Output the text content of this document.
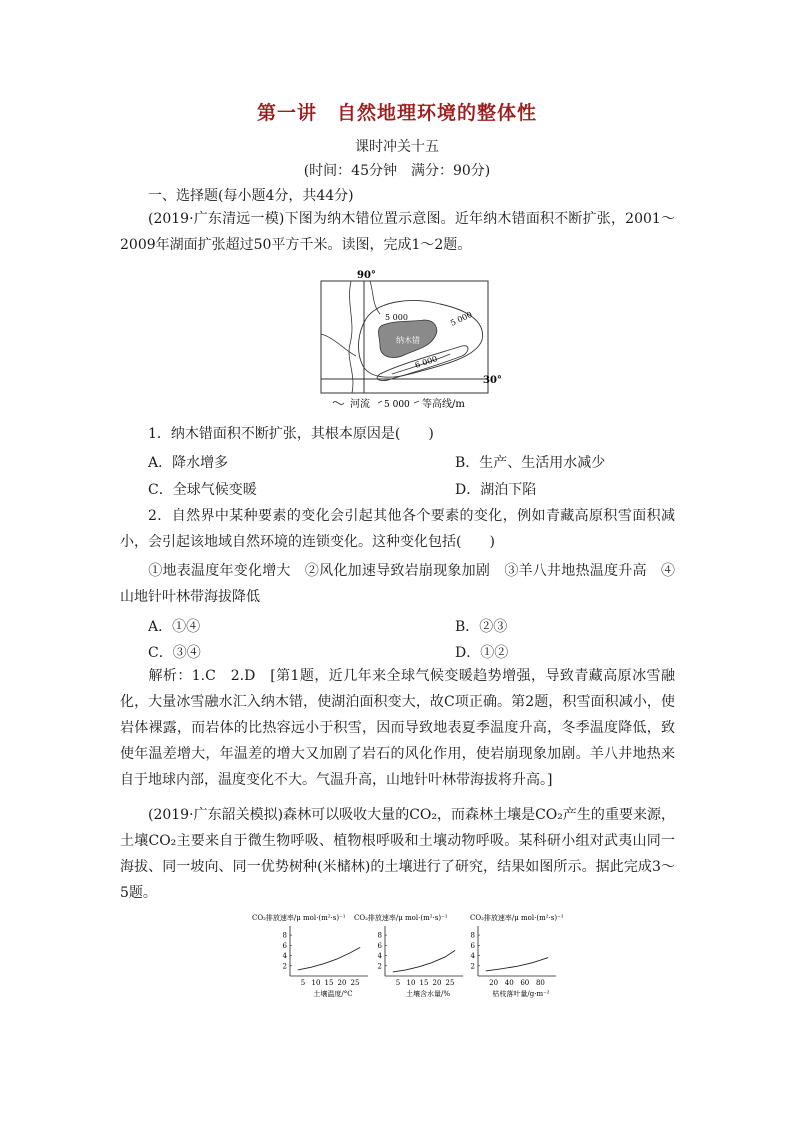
第一讲　自然地理环境的整体性
课时冲关十五
(时间：45分钟　满分：90分)
一、选择题(每小题4分，共44分)
(2019·广东清远一模)下图为纳木错位置示意图。近年纳木错面积不断扩张，2001～2009年湖面扩张超过50平方千米。读图，完成1～2题。
90°
30°
纳木错
5 000	5 000
6 000
河流 5 000 等高线/m
1．纳木错面积不断扩张，其根本原因是(　　)
A．降水增多	B．生产、生活用水减少
C．全球气候变暖	D．湖泊下陷
2．自然界中某种要素的变化会引起其他各个要素的变化，例如青藏高原积雪面积减小，会引起该地域自然环境的连锁变化。这种变化包括(　　)
①地表温度年变化增大　②风化加速导致岩崩现象加剧　③羊八井地热温度升高　④山地针叶林带海拔降低
A．①④	B．②③
C．③④	D．①②
解析：1.C　2.D　[第1题，近几年来全球气候变暖趋势增强，导致青藏高原冰雪融化，大量冰雪融水汇入纳木错，使湖泊面积变大，故C项正确。第2题，积雪面积减小，使岩体裸露，而岩体的比热容远小于积雪，因而导致地表夏季温度升高，冬季温度降低，致使年温差增大，年温差的增大又加剧了岩石的风化作用，使岩崩现象加剧。羊八井地热来自于地球内部，温度变化不大。气温升高，山地针叶林带海拔将升高。]
(2019·广东韶关模拟)森林可以吸收大量的CO₂，而森林土壤是CO₂产生的重要来源，土壤CO₂主要来自于微生物呼吸、植物根呼吸和土壤动物呼吸。某科研小组对武夷山同一海拔、同一坡向、同一优势树种(米槠林)的土壤进行了研究，结果如图所示。据此完成3～5题。
CO₂排放速率/μ mol·(m²·s)⁻¹
2
4
6
8
5 10 15 20 25
土壤温度/°C
CO₂排放速率/μ mol·(m²·s)⁻¹
2
4
6
8
5 10 15 20 25
土壤含水量/%
CO₂排放速率/μ mol·(m²·s)⁻¹
2
4
6
8
20 40 60 80
枯枝落叶量/g·m⁻²
